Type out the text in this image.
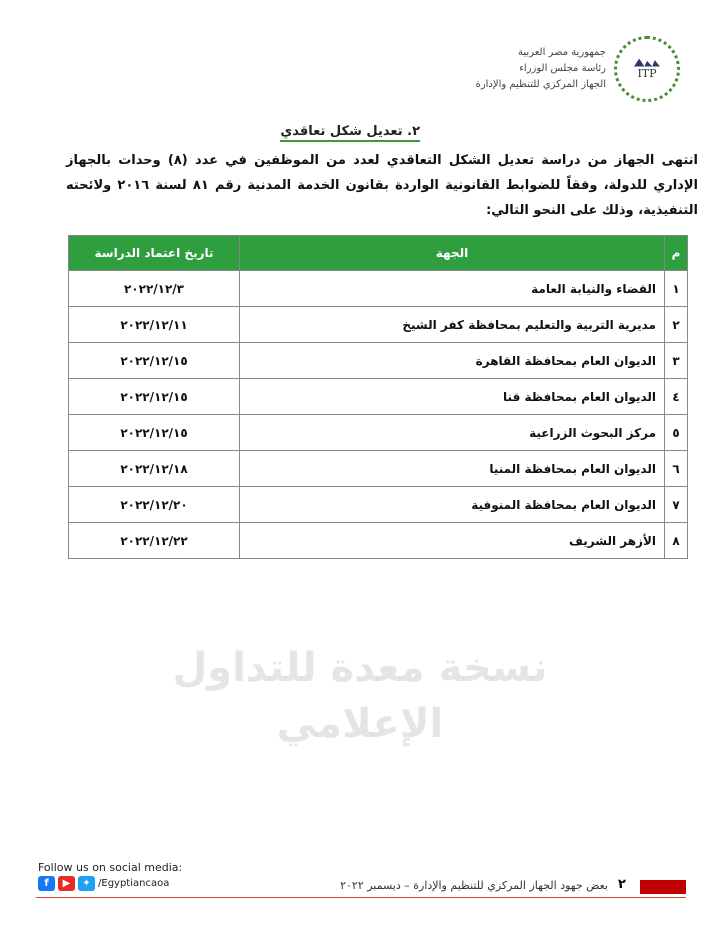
ITP
جمهورية مصر العربية
رئاسة مجلس الوزراء
الجهاز المركزي للتنظيم والإدارة
٢. تعديل شكل تعاقدي
انتهى الجهاز من دراسة تعديل الشكل التعاقدي لعدد من الموظفين في عدد (٨) وحدات بالجهاز الإداري للدولة، وفقاً للضوابط القانونية الواردة بقانون الخدمة المدنية رقم ٨١ لسنة ٢٠١٦ ولائحته التنفيذية، وذلك على النحو التالي:
م	الجهة	تاريخ اعتماد الدراسة
١	القضاء والنيابة العامة	٢٠٢٢/١٢/٣
٢	مديرية التربية والتعليم بمحافظة كفر الشيخ	٢٠٢٢/١٢/١١
٣	الديوان العام بمحافظة القاهرة	٢٠٢٢/١٢/١٥
٤	الديوان العام بمحافظة قنا	٢٠٢٢/١٢/١٥
٥	مركز البحوث الزراعية	٢٠٢٢/١٢/١٥
٦	الديوان العام بمحافظة المنيا	٢٠٢٢/١٢/١٨
٧	الديوان العام بمحافظة المنوفية	٢٠٢٢/١٢/٢٠
٨	الأزهر الشريف	٢٠٢٢/١٢/٢٢
نسخة معدة للتداول الإعلامي
Follow us on social media:
f	▶	✦ /Egyptiancaoa	بعض جهود الجهاز المركزي للتنظيم والإدارة – ديسمبر ٢٠٢٢ ٢
